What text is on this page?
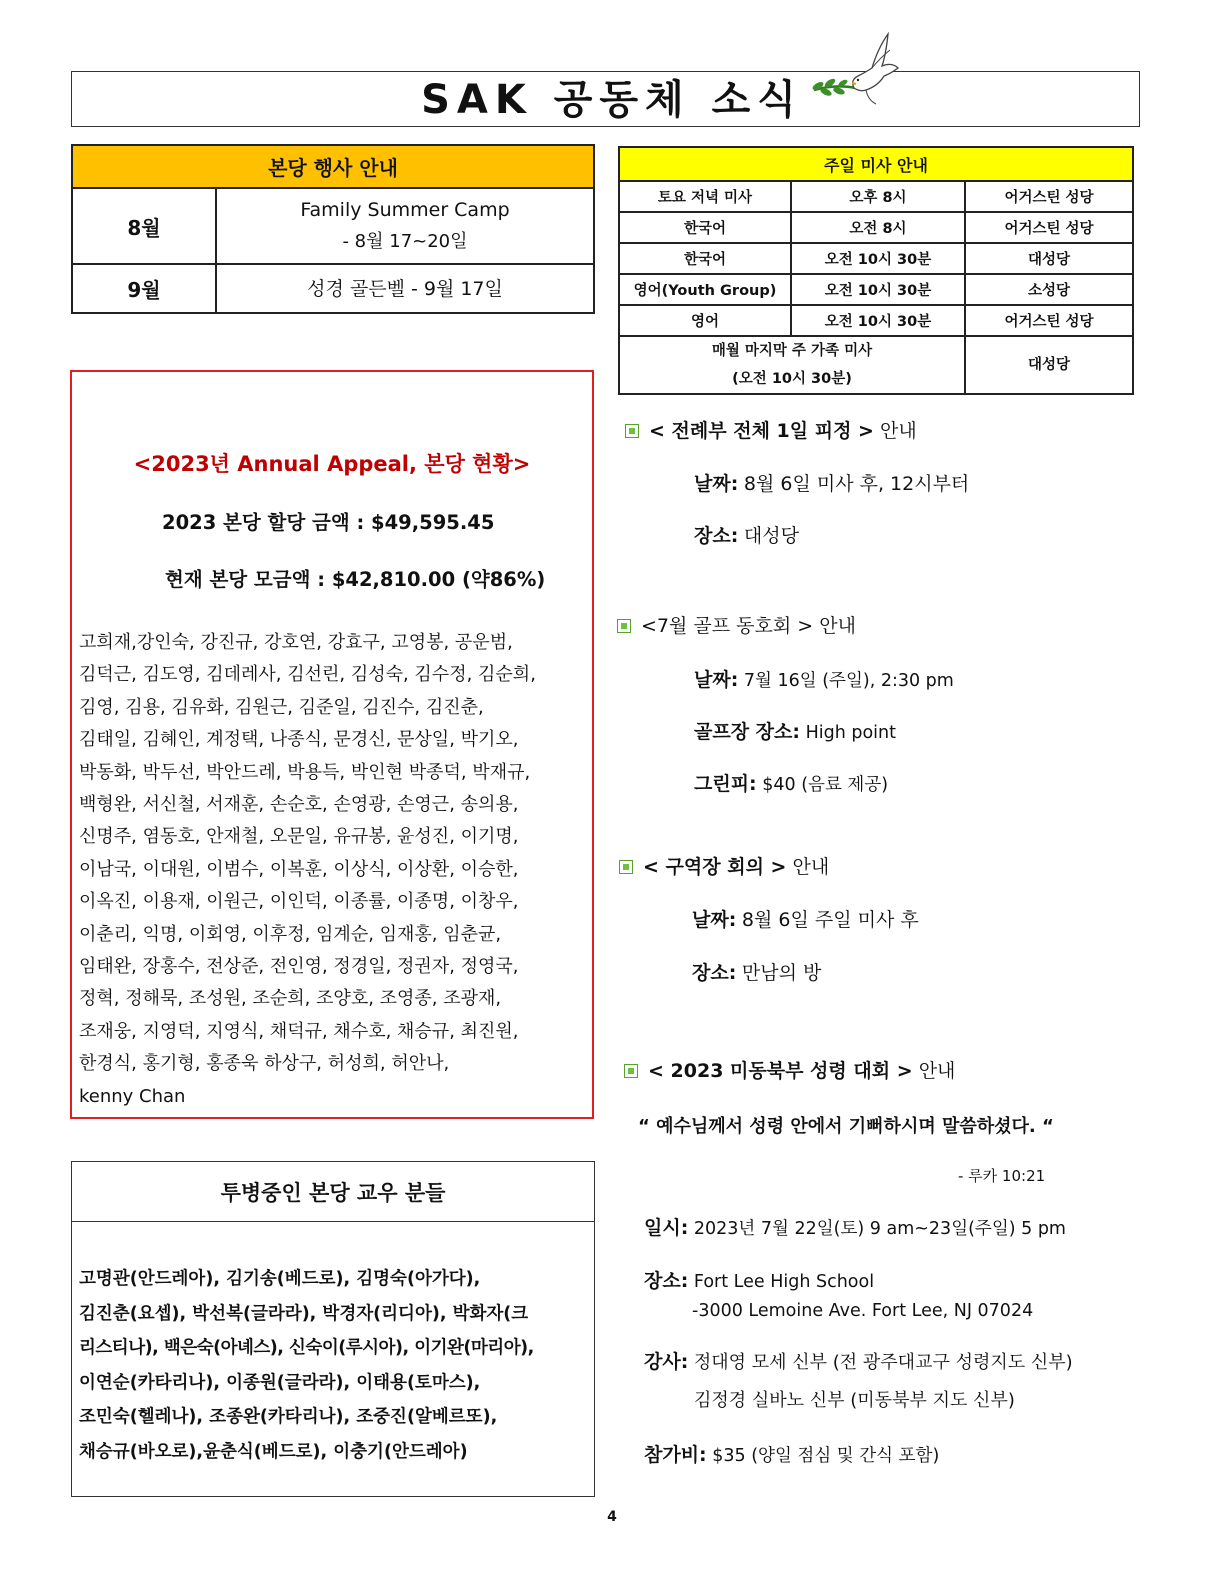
SAK 공동체 소식
본당 행사 안내	
8월	Family Summer Camp
- 8월 17~20일

9월	성경 골든벨 - 9월 17일
주일 미사 안내		
토요 저녁 미사	오후 8시	어거스틴 성당
한국어	오전 8시	어거스틴 성당
한국어	오전 10시 30분	대성당
영어(Youth Group)	오전 10시 30분	소성당
영어	오전 10시 30분	어거스틴 성당

매월 마지막 주 가족 미사
(오전 10시 30분)		대성당
<2023년 Annual Appeal, 본당 현황>
2023 본당 할당 금액 : $49,595.45
현재 본당 모금액 : $42,810.00 (약86%)
고희재,강인숙, 강진규, 강호연, 강효구, 고영봉, 공운범,
김덕근, 김도영, 김데레사, 김선린, 김성숙, 김수정, 김순희,
김영, 김용, 김유화, 김원근, 김준일, 김진수, 김진춘,
김태일, 김혜인, 계정택, 나종식, 문경신, 문상일, 박기오,
박동화, 박두선, 박안드레, 박용득, 박인현 박종덕, 박재규,
백형완, 서신철, 서재훈, 손순호, 손영광, 손영근, 송의용,
신명주, 염동호, 안재철, 오문일, 유규봉, 윤성진, 이기명,
이남국, 이대원, 이범수, 이복훈, 이상식, 이상환, 이승한,
이옥진, 이용재, 이원근, 이인덕, 이종률, 이종명, 이창우,
이춘리, 익명, 이회영, 이후정, 임계순, 임재홍, 임춘균,
임태완, 장홍수, 전상준, 전인영, 정경일, 정권자, 정영국,
정혁, 정해묵, 조성원, 조순희, 조양호, 조영종, 조광재,
조재웅, 지영덕, 지영식, 채덕규, 채수호, 채승규, 최진원,
한경식, 홍기형, 홍종욱 하상구, 허성희, 허안나,
kenny Chan
투병중인 본당 교우 분들
고명관(안드레아), 김기송(베드로), 김명숙(아가다),
김진춘(요셉), 박선복(글라라), 박경자(리디아), 박화자(크
리스티나), 백은숙(아녜스), 신숙이(루시아), 이기완(마리아),
이연순(카타리나), 이종원(글라라), 이태용(토마스),
조민숙(헬레나), 조종완(카타리나), 조중진(알베르또),
채승규(바오로),윤춘식(베드로), 이충기(안드레아)
< 전례부 전체 1일 피정 > 안내
날짜: 8월 6일 미사 후, 12시부터
장소: 대성당
<7월 골프 동호회 > 안내
날짜: 7월 16일 (주일), 2:30 pm
골프장 장소: High point
그린피: $40 (음료 제공)
< 구역장 회의 > 안내
날짜: 8월 6일 주일 미사 후
장소: 만남의 방
< 2023 미동북부 성령 대회 > 안내
“ 예수님께서 성령 안에서 기뻐하시며 말씀하셨다. “
- 루카 10:21
일시: 2023년 7월 22일(토) 9 am~23일(주일) 5 pm
장소: Fort Lee High School
-3000 Lemoine Ave. Fort Lee, NJ 07024
강사: 정대영 모세 신부 (전 광주대교구 성령지도 신부)
김정경 실바노 신부 (미동북부 지도 신부)
참가비: $35 (양일 점심 및 간식 포함)
4
